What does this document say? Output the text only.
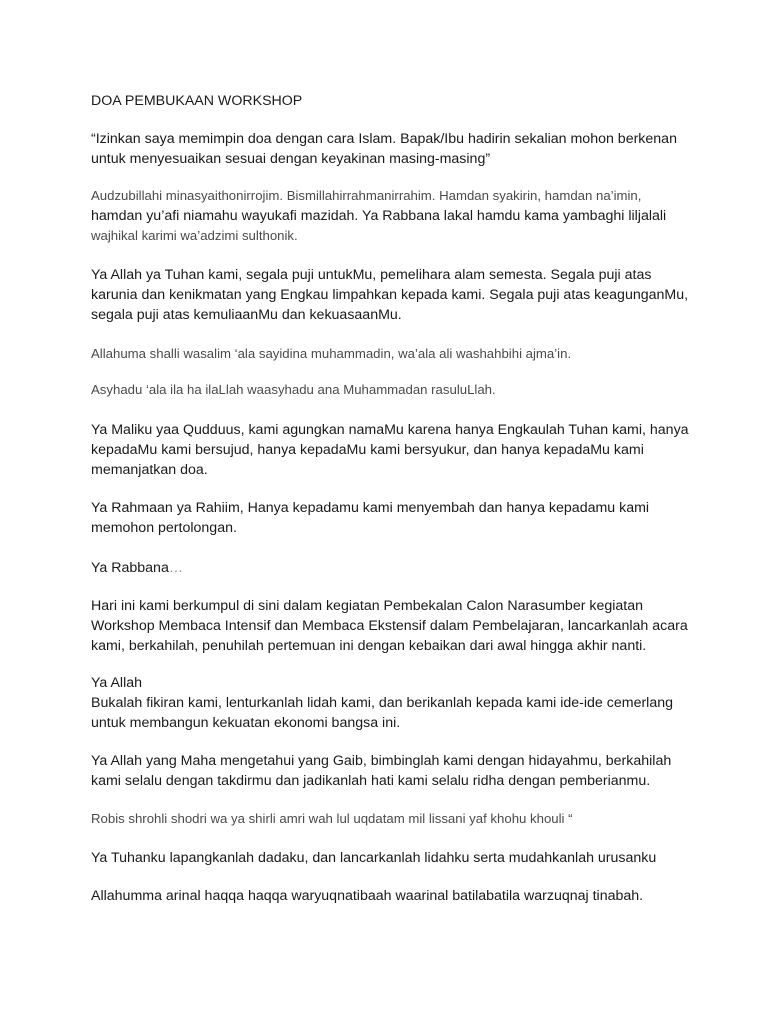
DOA PEMBUKAAN WORKSHOP
“Izinkan saya memimpin doa dengan cara Islam. Bapak/Ibu hadirin sekalian mohon berkenan
untuk menyesuaikan sesuai dengan keyakinan masing-masing”
Audzubillahi minasyaithonirrojim. Bismillahirrahmanirrahim. Hamdan syakirin, hamdan na’imin,
hamdan yu’afi niamahu wayukafi mazidah. Ya Rabbana lakal hamdu kama yambaghi liljalali
wajhikal karimi wa’adzimi sulthonik.
Ya Allah ya Tuhan kami, segala puji untukMu, pemelihara alam semesta. Segala puji atas
karunia dan kenikmatan yang Engkau limpahkan kepada kami. Segala puji atas keagunganMu,
segala puji atas kemuliaanMu dan kekuasaanMu.
Allahuma shalli wasalim ‘ala sayidina muhammadin, wa’ala ali washahbihi ajma’in.
Asyhadu ‘ala ila ha ilaLlah waasyhadu ana Muhammadan rasuluLlah.
Ya Maliku yaa Qudduus, kami agungkan namaMu karena hanya Engkaulah Tuhan kami, hanya
kepadaMu kami bersujud, hanya kepadaMu kami bersyukur, dan hanya kepadaMu kami
memanjatkan doa.
Ya Rahmaan ya Rahiim, Hanya kepadamu kami menyembah dan hanya kepadamu kami
memohon pertolongan.
Ya Rabbana…
Hari ini kami berkumpul di sini dalam kegiatan Pembekalan Calon Narasumber kegiatan
Workshop Membaca Intensif dan Membaca Ekstensif dalam Pembelajaran, lancarkanlah acara
kami, berkahilah, penuhilah pertemuan ini dengan kebaikan dari awal hingga akhir nanti.
Ya Allah
Bukalah fikiran kami, lenturkanlah lidah kami, dan berikanlah kepada kami ide-ide cemerlang
untuk membangun kekuatan ekonomi bangsa ini.
Ya Allah yang Maha mengetahui yang Gaib, bimbinglah kami dengan hidayahmu, berkahilah
kami selalu dengan takdirmu dan jadikanlah hati kami selalu ridha dengan pemberianmu.
Robis shrohli shodri wa ya shirli amri wah lul uqdatam mil lissani yaf khohu khouli “
Ya Tuhanku lapangkanlah dadaku, dan lancarkanlah lidahku serta mudahkanlah urusanku
Allahumma arinal haqqa haqqa waryuqnatibaah waarinal batilabatila warzuqnaj tinabah.
